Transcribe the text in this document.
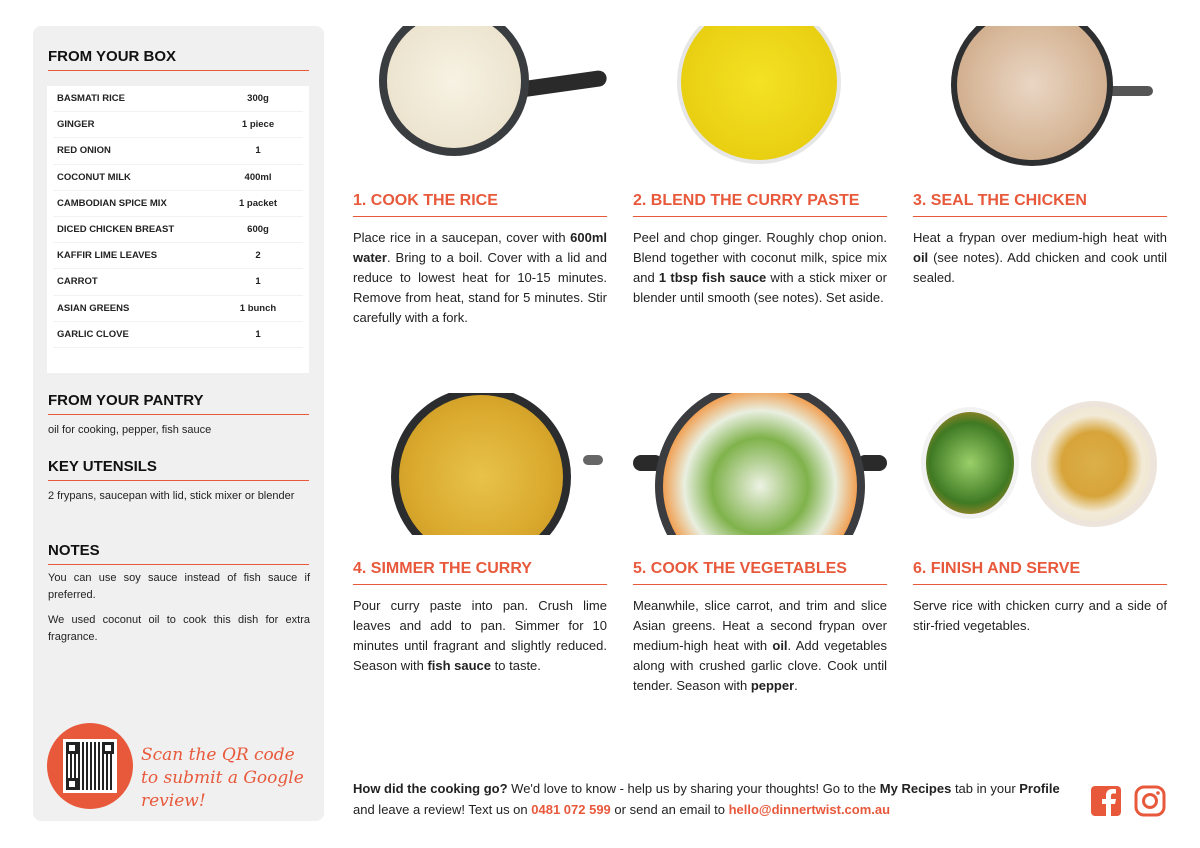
FROM YOUR BOX
BASMATI RICE	300g
GINGER	1 piece
RED ONION	1
COCONUT MILK	400ml
CAMBODIAN SPICE MIX	1 packet
DICED CHICKEN BREAST	600g
KAFFIR LIME LEAVES	2
CARROT	1
ASIAN GREENS	1 bunch
GARLIC CLOVE	1
FROM YOUR PANTRY
oil for cooking, pepper, fish sauce
KEY UTENSILS
2 frypans, saucepan with lid, stick mixer or blender
NOTES
You can use soy sauce instead of fish sauce if preferred.
We used coconut oil to cook this dish for extra fragrance.
Scan the QR code to submit a Google review!
1. COOK THE RICE
Place rice in a saucepan, cover with 600ml water. Bring to a boil. Cover with a lid and reduce to lowest heat for 10-15 minutes. Remove from heat, stand for 5 minutes. Stir carefully with a fork.
2. BLEND THE CURRY PASTE
Peel and chop ginger. Roughly chop onion. Blend together with coconut milk, spice mix and 1 tbsp fish sauce with a stick mixer or blender until smooth (see notes). Set aside.
3. SEAL THE CHICKEN
Heat a frypan over medium-high heat with oil (see notes). Add chicken and cook until sealed.
4. SIMMER THE CURRY
Pour curry paste into pan. Crush lime leaves and add to pan. Simmer for 10 minutes until fragrant and slightly reduced. Season with fish sauce to taste.
5. COOK THE VEGETABLES
Meanwhile, slice carrot, and trim and slice Asian greens. Heat a second frypan over medium-high heat with oil. Add vegetables along with crushed garlic clove. Cook until tender. Season with pepper.
6. FINISH AND SERVE
Serve rice with chicken curry and a side of stir-fried vegetables.
How did the cooking go? We'd love to know - help us by sharing your thoughts! Go to the My Recipes tab in your Profile and leave a review! Text us on 0481 072 599 or send an email to hello@dinnertwist.com.au
